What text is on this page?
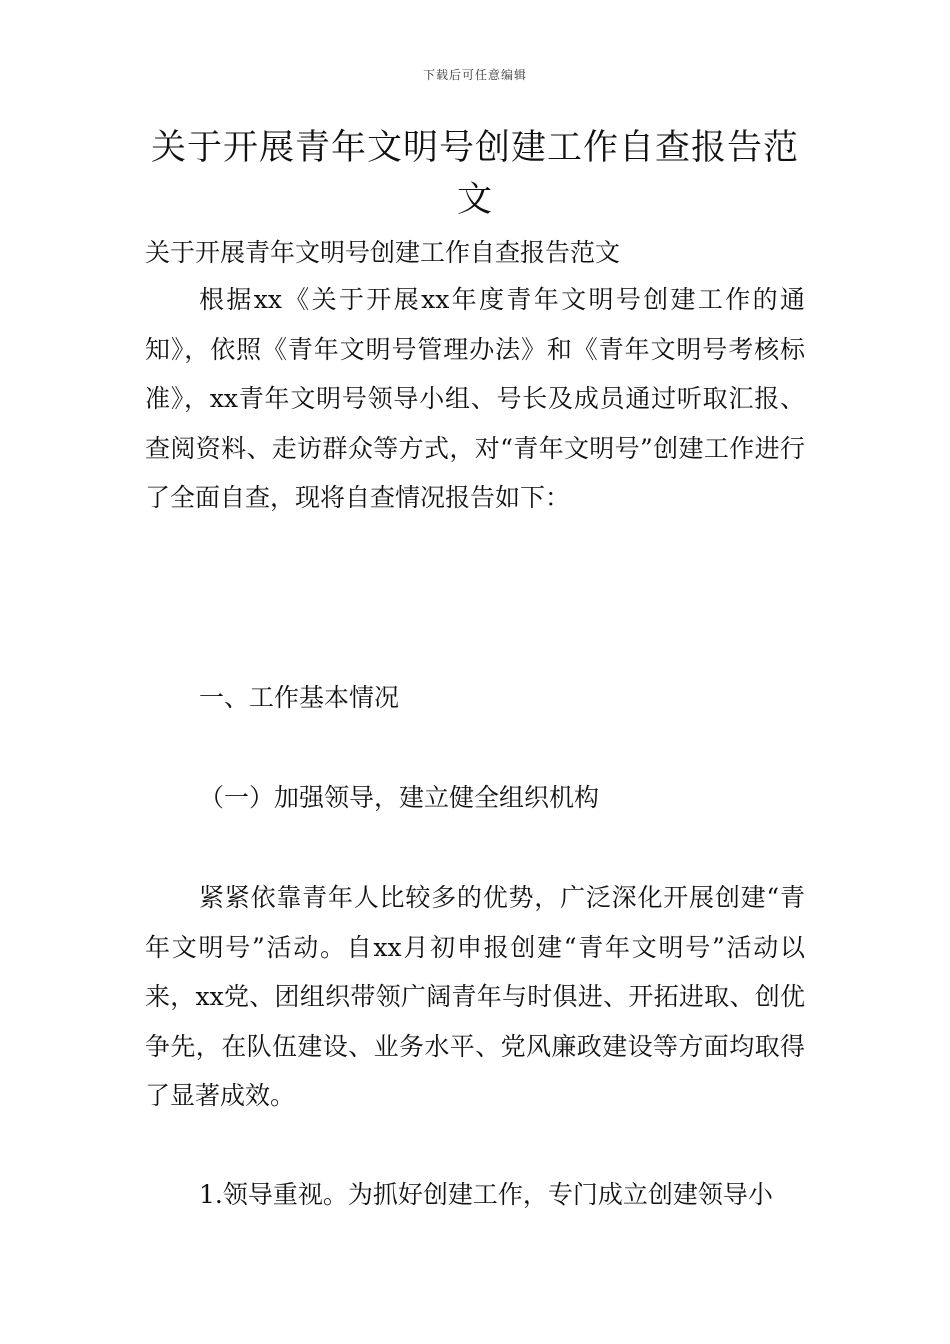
下载后可任意编辑
关于开展青年文明号创建工作自查报告范文

关于开展青年文明号创建工作自查报告范文

根据xx《关于开展xx年度青年文明号创建工作的通知》，依照《青年文明号管理办法》和《青年文明号考核标准》，xx青年文明号领导小组、号长及成员通过听取汇报、查阅资料、走访群众等方式，对“青年文明号”创建工作进行了全面自查，现将自查情况报告如下：

一、工作基本情况

（一）加强领导，建立健全组织机构

紧紧依靠青年人比较多的优势，广泛深化开展创建“青年文明号”活动。自xx月初申报创建“青年文明号”活动以来，xx党、团组织带领广阔青年与时俱进、开拓进取、创优争先，在队伍建设、业务水平、党风廉政建设等方面均取得了显著成效。

1.领导重视。为抓好创建工作，专门成立创建领导小
